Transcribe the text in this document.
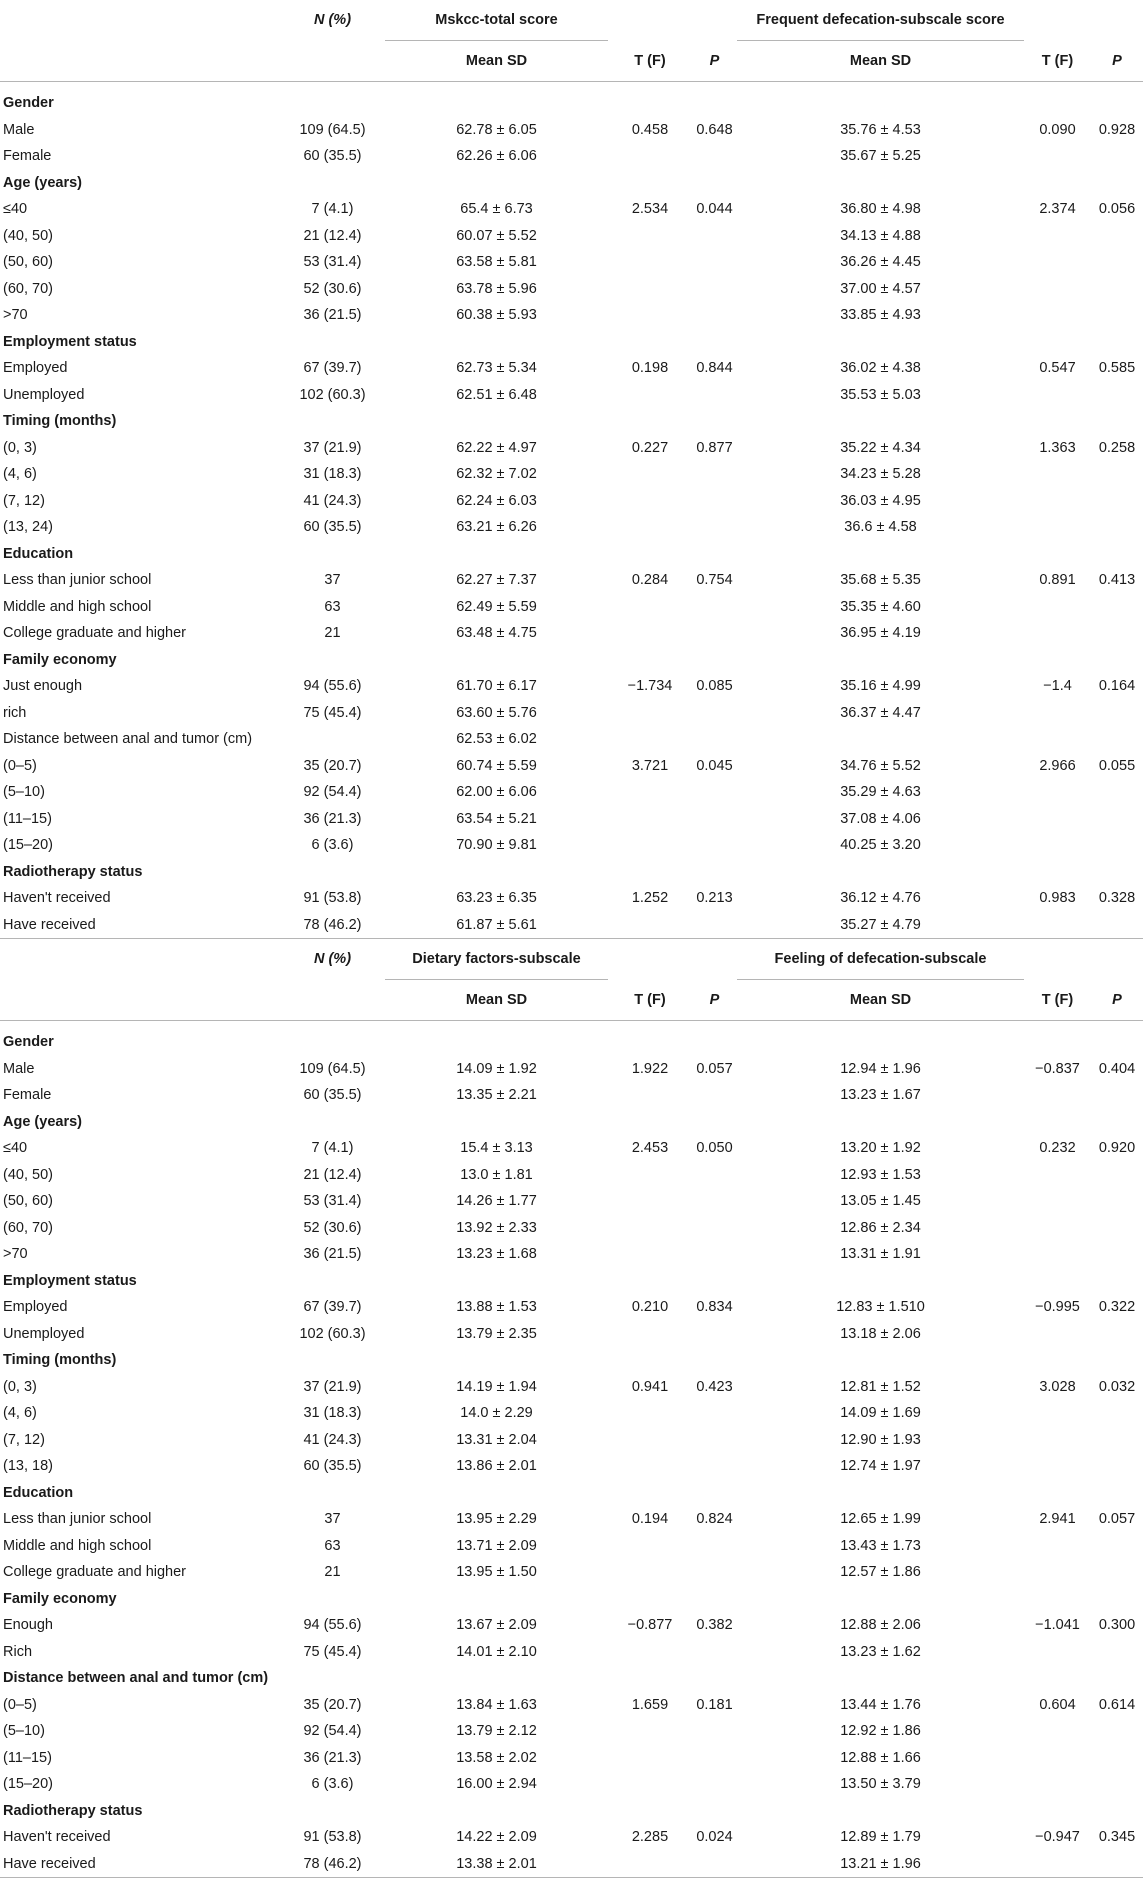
	N (%)	Mskcc-total score			Frequent defecation-subscale score		
		Mean SD	T (F)	P	Mean SD	T (F)	P

Gender							
Male	109 (64.5)	62.78 ± 6.05	0.458	0.648	35.76 ± 4.53	0.090	0.928
Female	60 (35.5)	62.26 ± 6.06			35.67 ± 5.25		
Age (years)							
≤40	7 (4.1)	65.4 ± 6.73	2.534	0.044	36.80 ± 4.98	2.374	0.056
(40, 50)	21 (12.4)	60.07 ± 5.52			34.13 ± 4.88		
(50, 60)	53 (31.4)	63.58 ± 5.81			36.26 ± 4.45		
(60, 70)	52 (30.6)	63.78 ± 5.96			37.00 ± 4.57		
>70	36 (21.5)	60.38 ± 5.93			33.85 ± 4.93		
Employment status							
Employed	67 (39.7)	62.73 ± 5.34	0.198	0.844	36.02 ± 4.38	0.547	0.585
Unemployed	102 (60.3)	62.51 ± 6.48			35.53 ± 5.03		
Timing (months)							
(0, 3)	37 (21.9)	62.22 ± 4.97	0.227	0.877	35.22 ± 4.34	1.363	0.258
(4, 6)	31 (18.3)	62.32 ± 7.02			34.23 ± 5.28		
(7, 12)	41 (24.3)	62.24 ± 6.03			36.03 ± 4.95		
(13, 24)	60 (35.5)	63.21 ± 6.26			36.6 ± 4.58		
Education							
Less than junior school	37	62.27 ± 7.37	0.284	0.754	35.68 ± 5.35	0.891	0.413
Middle and high school	63	62.49 ± 5.59			35.35 ± 4.60		
College graduate and higher	21	63.48 ± 4.75			36.95 ± 4.19		
Family economy							
Just enough	94 (55.6)	61.70 ± 6.17	−1.734	0.085	35.16 ± 4.99	−1.4	0.164
rich	75 (45.4)	63.60 ± 5.76			36.37 ± 4.47		
Distance between anal and tumor (cm)		62.53 ± 6.02					
(0–5)	35 (20.7)	60.74 ± 5.59	3.721	0.045	34.76 ± 5.52	2.966	0.055
(5–10)	92 (54.4)	62.00 ± 6.06			35.29 ± 4.63		
(11–15)	36 (21.3)	63.54 ± 5.21			37.08 ± 4.06		
(15–20)	6 (3.6)	70.90 ± 9.81			40.25 ± 3.20		
Radiotherapy status							
Haven't received	91 (53.8)	63.23 ± 6.35	1.252	0.213	36.12 ± 4.76	0.983	0.328
Have received	78 (46.2)	61.87 ± 5.61			35.27 ± 4.79		
	N (%)	Dietary factors-subscale			Feeling of defecation-subscale		
		Mean SD	T (F)	P	Mean SD	T (F)	P

Gender							
Male	109 (64.5)	14.09 ± 1.92	1.922	0.057	12.94 ± 1.96	−0.837	0.404
Female	60 (35.5)	13.35 ± 2.21			13.23 ± 1.67		
Age (years)							
≤40	7 (4.1)	15.4 ± 3.13	2.453	0.050	13.20 ± 1.92	0.232	0.920
(40, 50)	21 (12.4)	13.0 ± 1.81			12.93 ± 1.53		
(50, 60)	53 (31.4)	14.26 ± 1.77			13.05 ± 1.45		
(60, 70)	52 (30.6)	13.92 ± 2.33			12.86 ± 2.34		
>70	36 (21.5)	13.23 ± 1.68			13.31 ± 1.91		
Employment status							
Employed	67 (39.7)	13.88 ± 1.53	0.210	0.834	12.83 ± 1.510	−0.995	0.322
Unemployed	102 (60.3)	13.79 ± 2.35			13.18 ± 2.06		
Timing (months)							
(0, 3)	37 (21.9)	14.19 ± 1.94	0.941	0.423	12.81 ± 1.52	3.028	0.032
(4, 6)	31 (18.3)	14.0 ± 2.29			14.09 ± 1.69		
(7, 12)	41 (24.3)	13.31 ± 2.04			12.90 ± 1.93		
(13, 18)	60 (35.5)	13.86 ± 2.01			12.74 ± 1.97		
Education							
Less than junior school	37	13.95 ± 2.29	0.194	0.824	12.65 ± 1.99	2.941	0.057
Middle and high school	63	13.71 ± 2.09			13.43 ± 1.73		
College graduate and higher	21	13.95 ± 1.50			12.57 ± 1.86		
Family economy							
Enough	94 (55.6)	13.67 ± 2.09	−0.877	0.382	12.88 ± 2.06	−1.041	0.300
Rich	75 (45.4)	14.01 ± 2.10			13.23 ± 1.62		
Distance between anal and tumor (cm)							
(0–5)	35 (20.7)	13.84 ± 1.63	1.659	0.181	13.44 ± 1.76	0.604	0.614
(5–10)	92 (54.4)	13.79 ± 2.12			12.92 ± 1.86		
(11–15)	36 (21.3)	13.58 ± 2.02			12.88 ± 1.66		
(15–20)	6 (3.6)	16.00 ± 2.94			13.50 ± 3.79		
Radiotherapy status							
Haven't received	91 (53.8)	14.22 ± 2.09	2.285	0.024	12.89 ± 1.79	−0.947	0.345
Have received	78 (46.2)	13.38 ± 2.01			13.21 ± 1.96		
